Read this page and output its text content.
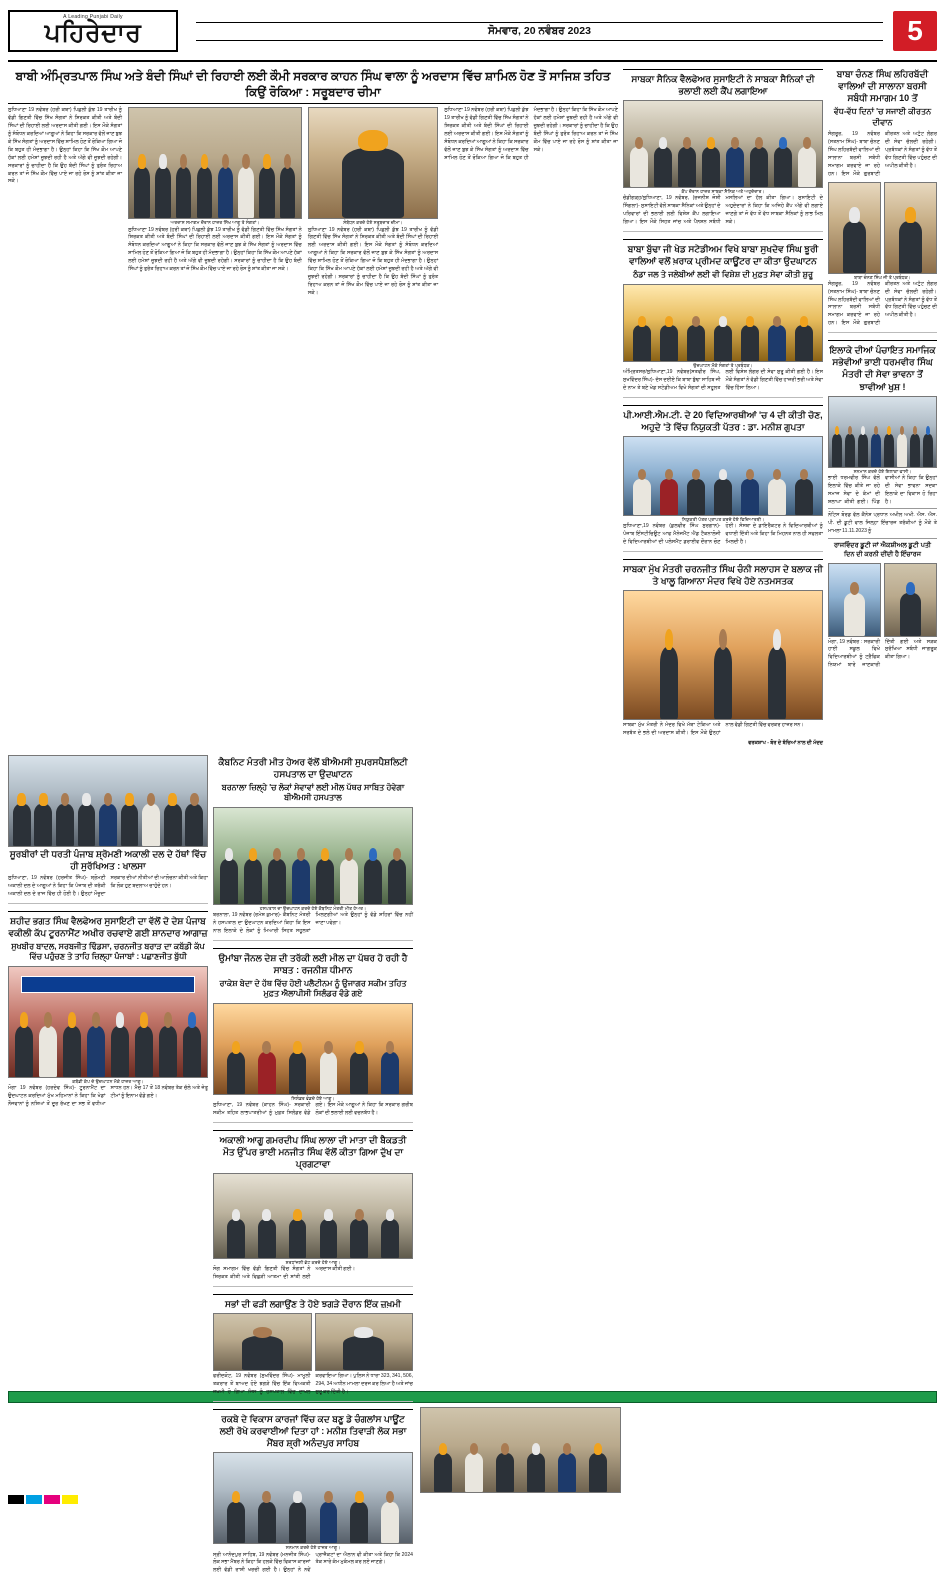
A Leading Punjabi Daily
ਪਹਿਰੇਦਾਰ	ਸੋਮਵਾਰ, 20 ਨਵੰਬਰ 2023	5
ਸਾਬਕਾ ਸੈਨਿਕ ਵੈਲਫੇਅਰ ਸੁਸਾਇਟੀ ਨੇ ਸਾਬਕਾ ਸੈਨਿਕਾਂ ਦੀ ਭਲਾਈ ਲਈ ਕੈਂਪ ਲਗਾਇਆ
ਕੈਂਪ ਦੌਰਾਨ ਹਾਜ਼ਰ ਸਾਬਕਾ ਸੈਨਿਕ ਅਤੇ ਅਹੁਦੇਦਾਰ।
ਚੰਡੀਗੜ੍ਹ/ਲੁਧਿਆਣਾ, 19 ਨਵੰਬਰ, (ਰਜਨੀਸ਼ ਜੋਸ਼ੀ ਸਿੰਗਲਾ)- ਸੁਸਾਇਟੀ ਵੱਲੋਂ ਸਾਬਕਾ ਸੈਨਿਕਾਂ ਅਤੇ ਉਨ੍ਹਾਂ ਦੇ ਪਰਿਵਾਰਾਂ ਦੀ ਭਲਾਈ ਲਈ ਵਿਸ਼ੇਸ਼ ਕੈਂਪ ਲਗਾਇਆ ਗਿਆ। ਇਸ ਮੌਕੇ ਸਿਹਤ ਜਾਂਚ ਅਤੇ ਪੈਨਸ਼ਨ ਸਬੰਧੀ ਮਸਲਿਆਂ ਦਾ ਹੱਲ ਕੀਤਾ ਗਿਆ। ਸੁਸਾਇਟੀ ਦੇ ਅਹੁਦੇਦਾਰਾਂ ਨੇ ਕਿਹਾ ਕਿ ਅਜਿਹੇ ਕੈਂਪ ਅੱਗੇ ਵੀ ਲਗਾਏ ਜਾਣਗੇ ਤਾਂ ਜੋ ਵੱਧ ਤੋਂ ਵੱਧ ਸਾਬਕਾ ਸੈਨਿਕਾਂ ਨੂੰ ਲਾਭ ਮਿਲ ਸਕੇ।
ਬਾਬਾ ਬੁੱਢਾ ਜੀ ਖੇਡ ਸਟੇਡੀਅਮ ਵਿਖੇ ਬਾਬਾ ਸੁਖਦੇਵ ਸਿੰਘ ਝੂਰੀ ਵਾਲਿਆਂ ਵਲੋਂ ਖ਼ਰਾਕ ਪ੍ਰੀਮਦ ਕਾਊਂਟਰ ਦਾ ਕੀਤਾ ਉਦਘਾਟਨ
ਠੰਡਾ ਜਲ ਤੇ ਜਲੇਬੀਆਂ ਲਈ ਵੀ ਵਿਸ਼ੇਸ਼ ਦੀ ਮੁਫ਼ਤ ਸੇਵਾ ਕੀਤੀ ਸ਼ੁਰੂ
ਉਦਘਾਟਨ ਮੌਕੇ ਸੰਗਤਾਂ ਤੇ ਪ੍ਰਬੰਧਕ।
ਅੰਮ੍ਰਿਤਸਰ/ਲੁਧਿਆਣਾ,19 ਨਵੰਬਰ(ਸਤਵੀਰ ਸਿੰਘ, ਸੁਖਵਿੰਦਰ ਸਿੰਘ)- ਦੱਸ ਦਈਏ ਕਿ ਬਾਬਾ ਬੁੱਢਾ ਸਾਹਿਬ ਜੀ ਦੇ ਨਾਮ ਤੇ ਬਣੇ ਖੇਡ ਸਟੇਡੀਅਮ ਵਿਖੇ ਸੰਗਤਾਂ ਦੀ ਸਹੂਲਤ ਲਈ ਵਿਸ਼ੇਸ਼ ਲੰਗਰ ਦੀ ਸੇਵਾ ਸ਼ੁਰੂ ਕੀਤੀ ਗਈ ਹੈ। ਇਸ ਮੌਕੇ ਸੰਗਤਾਂ ਨੇ ਵੱਡੀ ਗਿਣਤੀ ਵਿੱਚ ਹਾਜ਼ਰੀ ਭਰੀ ਅਤੇ ਸੇਵਾ ਵਿੱਚ ਹਿੱਸਾ ਲਿਆ।
ਪੀ.ਆਈ.ਐਮ.ਟੀ. ਦੇ 20 ਵਿਦਿਆਰਥੀਆਂ 'ਚ 4 ਦੀ ਕੀਤੀ ਚੋਣ, ਅਹੁਦੇ 'ਤੇ ਵਿੱਚ ਨਿਯੁਕਤੀ ਪੱਤਰ : ਡਾ. ਮਨੀਸ਼ ਗੁਪਤਾ
ਨਿਯੁਕਤੀ ਪੱਤਰ ਪ੍ਰਾਪਤ ਕਰਦੇ ਹੋਏ ਵਿਦਿਆਰਥੀ।
ਲੁਧਿਆਣਾ,19 ਨਵੰਬਰ (ਕੁਲਵੀਰ ਸਿੰਘ ਸੁਰਗਾਨ)- ਪੰਜਾਬ ਇੰਸਟੀਚਿਊਟ ਆਫ ਮੈਨੇਜਮੈਂਟ ਐਂਡ ਟੈਕਨਾਲੋਜੀ ਦੇ ਵਿਦਿਆਰਥੀਆਂ ਦੀ ਪਲੇਸਮੈਂਟ ਡਰਾਈਵ ਦੌਰਾਨ ਚੋਣ ਹੋਈ। ਸੰਸਥਾ ਦੇ ਡਾਇਰੈਕਟਰ ਨੇ ਵਿਦਿਆਰਥੀਆਂ ਨੂੰ ਵਧਾਈ ਦਿੱਤੀ ਅਤੇ ਕਿਹਾ ਕਿ ਮਿਹਨਤ ਨਾਲ ਹੀ ਸਫਲਤਾ ਮਿਲਦੀ ਹੈ।
ਸਾਬਕਾ ਮੁੱਖ ਮੰਤਰੀ ਚਰਨਜੀਤ ਸਿੰਘ ਚੰਨੀ ਸਲਾਹਸ ਦੇ ਬਲਾਕ ਜੀ ਤੇ ਖਾਲੂ ਗਿਆਨਾ ਮੰਦਰ ਵਿਖੇ ਹੋਏ ਨਤਮਸਤਕ
ਸਾਬਕਾ ਮੁੱਖ ਮੰਤਰੀ ਨੇ ਮੰਦਰ ਵਿਖੇ ਮੱਥਾ ਟੇਕਿਆ ਅਤੇ ਸਰਬੱਤ ਦੇ ਭਲੇ ਦੀ ਅਰਦਾਸ ਕੀਤੀ। ਇਸ ਮੌਕੇ ਉਨ੍ਹਾਂ ਨਾਲ ਵੱਡੀ ਗਿਣਤੀ ਵਿੱਚ ਵਰਕਰ ਹਾਜ਼ਰ ਸਨ।
ਵਰਕਸ਼ਾਪ - ਬੋਰ ਦੇ ਬੱਚਿਆਂ ਨਾਲ ਦੀ ਮੱਦਦ
ਬਾਬਾ ਚੰਨਣ ਸਿੰਘ ਲਹਿਰਬੱਦੀ ਵਾਲਿਆਂ ਦੀ ਸਾਲਾਨਾ ਬਰਸੀ ਸਬੰਧੀ ਸਮਾਗਮ 10 ਤੋਂ
ਵੱਧ-ਵੱਧ ਦਿਨਾਂ 'ਚ ਸਜਾਈ ਕੀਰਤਨ ਦੀਵਾਨ
ਸੰਗਰੂਰ, 19 ਨਵੰਬਰ (ਸਤਨਾਮ ਸਿੰਘ)- ਬਾਬਾ ਚੰਨਣ ਸਿੰਘ ਲਹਿਰਬੱਦੀ ਵਾਲਿਆਂ ਦੀ ਸਾਲਾਨਾ ਬਰਸੀ ਸਬੰਧੀ ਸਮਾਗਮ ਕਰਵਾਏ ਜਾ ਰਹੇ ਹਨ। ਇਸ ਮੌਕੇ ਗੁਰਬਾਣੀ ਕੀਰਤਨ ਅਤੇ ਅਟੁੱਟ ਲੰਗਰ ਦੀ ਸੇਵਾ ਚੱਲਦੀ ਰਹੇਗੀ। ਪ੍ਰਬੰਧਕਾਂ ਨੇ ਸੰਗਤਾਂ ਨੂੰ ਵੱਧ ਤੋਂ ਵੱਧ ਗਿਣਤੀ ਵਿੱਚ ਪਹੁੰਚਣ ਦੀ ਅਪੀਲ ਕੀਤੀ ਹੈ।
ਬਾਬਾ ਚੰਨਣ ਸਿੰਘ ਜੀ ਤੇ ਪ੍ਰਬੰਧਕ।
ਸੰਗਰੂਰ, 19 ਨਵੰਬਰ (ਸਤਨਾਮ ਸਿੰਘ)- ਬਾਬਾ ਚੰਨਣ ਸਿੰਘ ਲਹਿਰਬੱਦੀ ਵਾਲਿਆਂ ਦੀ ਸਾਲਾਨਾ ਬਰਸੀ ਸਬੰਧੀ ਸਮਾਗਮ ਕਰਵਾਏ ਜਾ ਰਹੇ ਹਨ। ਇਸ ਮੌਕੇ ਗੁਰਬਾਣੀ ਕੀਰਤਨ ਅਤੇ ਅਟੁੱਟ ਲੰਗਰ ਦੀ ਸੇਵਾ ਚੱਲਦੀ ਰਹੇਗੀ। ਪ੍ਰਬੰਧਕਾਂ ਨੇ ਸੰਗਤਾਂ ਨੂੰ ਵੱਧ ਤੋਂ ਵੱਧ ਗਿਣਤੀ ਵਿੱਚ ਪਹੁੰਚਣ ਦੀ ਅਪੀਲ ਕੀਤੀ ਹੈ।
ਇਲਾਕੇ ਦੀਆਂ ਪੰਚਾਇਤ ਸਮਾਜਿਕ ਸਭੇਵੀਆਂ ਭਾਈ ਧਰਮਵੀਰ ਸਿੰਘ ਮੰਤਰੀ ਦੀ ਸੇਵਾ ਭਾਵਨਾ ਤੋਂ ਝਾਵੀਆਂ ਖੁਸ਼ !
ਸਨਮਾਨ ਕਰਦੇ ਹੋਏ ਇਲਾਕਾ ਵਾਸੀ।
ਭਾਈ ਧਰਮਵੀਰ ਸਿੰਘ ਵੱਲੋਂ ਇਲਾਕੇ ਵਿੱਚ ਕੀਤੇ ਜਾ ਰਹੇ ਸਮਾਜ ਸੇਵਾ ਦੇ ਕੰਮਾਂ ਦੀ ਸ਼ਲਾਘਾ ਕੀਤੀ ਗਈ। ਪਿੰਡ ਵਾਸੀਆਂ ਨੇ ਕਿਹਾ ਕਿ ਉਨ੍ਹਾਂ ਦੀ ਸੇਵਾ ਭਾਵਨਾ ਸਦਕਾ ਇਲਾਕੇ ਦਾ ਵਿਕਾਸ ਹੋ ਰਿਹਾ ਹੈ।
ਨੋਟਿਸ ਬੋਰਡ ਵੱਲ ਕੈਨੇਸ਼ ਪ੍ਰਧਾਨ ਅਖੀਲ ਅਖੀ. ਐਸ. ਐਸ. ਪੀ. ਦੀ ਡੂਟੀ ਵਾਲ ਜਿਲ੍ਹਾ ਇੰਚਾਰਜ ਤਰੱਕੀਆਂ ਨੂੰ ਮੌਕੇ ਤੇ ਮਾਮਲਾ 11.11.2023 ਨੂੰ
ਰਾਜਵਿੰਦਰ ਡੂਟੀ ਜਾਂ ਐਕਸ਼ੀਅਲ ਡੂਟੀ ਪਤੀ ਦਿਨ ਦੀ ਕਰਨੀ ਦੀਂਦੀ ਹੈ ਇੰਚਾਰਜ
ਮੋਗਾ, 19 ਨਵੰਬਰ : ਸਰਕਾਰੀ ਹਾਈ ਸਕੂਲ ਵਿਖੇ ਵਿਦਿਆਰਥੀਆਂ ਨੂੰ ਟ੍ਰੈਫਿਕ ਨਿਯਮਾਂ ਬਾਰੇ ਜਾਣਕਾਰੀ ਦਿੱਤੀ ਗਈ ਅਤੇ ਸੜਕ ਸੁਰੱਖਿਆ ਸਬੰਧੀ ਜਾਗਰੂਕ ਕੀਤਾ ਗਿਆ।
ਸੂਰਬੀਰਾਂ ਦੀ ਧਰਤੀ ਪੰਜਾਬ ਸ਼੍ਰੋਮਣੀ ਅਕਾਲੀ ਦਲ ਦੇ ਹੱਥਾਂ ਵਿੱਚ ਹੀ ਸੁਰੱਖਿਅਤ : ਖਾਲਸਾ
ਲੁਧਿਆਣਾ, 19 ਨਵੰਬਰ (ਹਰਜੀਤ ਸਿੰਘ)- ਸ਼੍ਰੋਮਣੀ ਅਕਾਲੀ ਦਲ ਦੇ ਆਗੂਆਂ ਨੇ ਕਿਹਾ ਕਿ ਪੰਜਾਬ ਦੀ ਤਰੱਕੀ ਅਕਾਲੀ ਦਲ ਦੇ ਰਾਜ ਵਿੱਚ ਹੀ ਹੋਈ ਹੈ। ਉਨ੍ਹਾਂ ਮੌਜੂਦਾ ਸਰਕਾਰ ਦੀਆਂ ਨੀਤੀਆਂ ਦੀ ਆਲੋਚਨਾ ਕੀਤੀ ਅਤੇ ਕਿਹਾ ਕਿ ਲੋਕ ਹੁਣ ਬਦਲਾਅ ਚਾਹੁੰਦੇ ਹਨ।
ਸ਼ਹੀਦ ਭਗਤ ਸਿੰਘ ਵੈਲਫੇਅਰ ਸੁਸਾਇਟੀ ਦਾ ਵੱਲੋਂ ਦੋ ਦੇਸ਼ ਪੰਜਾਬ ਵਕੀਲੀ ਕੱਪ ਟੂਰਨਾਮੈਂਟ ਅਖੀਰ ਰਚਵਾਏ ਗਈ ਸ਼ਾਨਦਾਰ ਆਗਾਜ਼
ਸੁਖਬੀਰ ਬਾਦਲ, ਸਰਬਜੀਤ ਢਿੰਡਸਾ, ਚਰਨਜੀਤ ਬਰਾੜ ਦਾ ਕਬੱਡੀ ਕੱਪ ਵਿੱਚ ਪਹੁੰਚਣ ਤੇ ਤਾਹਿ ਜ਼ਿਲ੍ਹਾ ਪੰਜਾਬਾਂ : ਪਛਾਣਜੀਤ ਬੁੱਧੀ
ਕਬੱਡੀ ਕੱਪ ਦੇ ਉਦਘਾਟਨ ਮੌਕੇ ਹਾਜ਼ਰ ਆਗੂ।
ਮੋਗਾ 19 ਨਵੰਬਰ (ਹਰਦੇਵ ਸਿੰਘ)- ਟੂਰਨਾਮੈਂਟ ਦਾ ਉਦਘਾਟਨ ਕਰਦਿਆਂ ਮੁੱਖ ਮਹਿਮਾਨਾਂ ਨੇ ਕਿਹਾ ਕਿ ਖੇਡਾਂ ਨੌਜਵਾਨਾਂ ਨੂੰ ਨਸ਼ਿਆਂ ਤੋਂ ਦੂਰ ਰੱਖਣ ਦਾ ਸਭ ਤੋਂ ਵਧੀਆ ਸਾਧਨ ਹਨ। ਮੈਚ 17 ਤੋਂ 18 ਨਵੰਬਰ ਤੱਕ ਚੱਲੇ ਅਤੇ ਜੇਤੂ ਟੀਮਾਂ ਨੂੰ ਇਨਾਮ ਵੰਡੇ ਗਏ।
ਕੈਬਨਿਟ ਮੰਤਰੀ ਮੀਤ ਹੇਅਰ ਵੱਲੋਂ ਬੀਐਮਸੀ ਸੁਪਰਸਪੈਸ਼ਲਿਟੀ ਹਸਪਤਾਲ ਦਾ ਉਦਘਾਟਨ
ਬਰਨਾਲਾ ਜ਼ਿਲ੍ਹੇ 'ਚ ਲੋਕਾਂ ਸੇਵਾਵਾਂ ਲਈ ਮੀਲ ਪੱਥਰ ਸਾਬਿਤ ਹੋਵੇਗਾ ਬੀਐਮਸੀ ਹਸਪਤਾਲ
ਹਸਪਤਾਲ ਦਾ ਉਦਘਾਟਨ ਕਰਦੇ ਹੋਏ ਕੈਬਨਿਟ ਮੰਤਰੀ ਮੀਤ ਹੇਅਰ।
ਬਰਨਾਲਾ, 19 ਨਵੰਬਰ (ਰਮੇਸ਼ ਕੁਮਾਰ)- ਕੈਬਨਿਟ ਮੰਤਰੀ ਨੇ ਹਸਪਤਾਲ ਦਾ ਉਦਘਾਟਨ ਕਰਦਿਆਂ ਕਿਹਾ ਕਿ ਇਸ ਨਾਲ ਇਲਾਕੇ ਦੇ ਲੋਕਾਂ ਨੂੰ ਮਿਆਰੀ ਸਿਹਤ ਸਹੂਲਤਾਂ ਮਿਲਣਗੀਆਂ ਅਤੇ ਉਨ੍ਹਾਂ ਨੂੰ ਵੱਡੇ ਸ਼ਹਿਰਾਂ ਵਿੱਚ ਨਹੀਂ ਜਾਣਾ ਪਵੇਗਾ।
ਉਮਾਂਬਾ ਜੌਨਲ ਦੇਸ਼ ਦੀ ਤਰੱਕੀ ਲਈ ਮੀਲ ਦਾ ਪੱਥਰ ਹੋ ਰਹੀ ਹੈ ਸਾਬਤ : ਰਜਨੀਸ਼ ਧੀਮਾਨ
ਰਾਕੇਸ਼ ਬੇਦਾ ਦੇ ਹੱਥ ਵਿੱਚ ਹੋਈ ਪਲੈਟੀਨਮ ਨੂੰ ਉਜਾਗਰ ਸਕੀਮ ਤਹਿਤ ਮੁਫ਼ਤ ਐਲਾਪੀਸੀ ਸਿਲੰਡਰ ਵੰਡੇ ਗਏ
ਸਿਲੰਡਰ ਵੰਡਦੇ ਹੋਏ ਆਗੂ।
ਲੁਧਿਆਣਾ, 19 ਨਵੰਬਰ (ਕਾਹਨ ਸਿੰਘ)- ਸਰਕਾਰੀ ਸਕੀਮ ਤਹਿਤ ਲਾਭਪਾਤਰੀਆਂ ਨੂੰ ਮੁਫ਼ਤ ਸਿਲੰਡਰ ਵੰਡੇ ਗਏ। ਇਸ ਮੌਕੇ ਆਗੂਆਂ ਨੇ ਕਿਹਾ ਕਿ ਸਰਕਾਰ ਗਰੀਬ ਲੋਕਾਂ ਦੀ ਭਲਾਈ ਲਈ ਵਚਨਬੱਧ ਹੈ।
ਅਕਾਲੀ ਆਗੂ ਗਮਰਦੀਪ ਸਿੰਘ ਲਾਲਾ ਦੀ ਮਾਤਾ ਦੀ ਬੈਕਡਤੀ ਮੌਤ ਉੱਪਰ ਭਾਈ ਮਨਜੀਤ ਸਿੰਘ ਵੱਲੋਂ ਕੀਤਾ ਗਿਆ ਦੁੱਖ ਦਾ ਪ੍ਰਗਟਾਵਾ
ਸ਼ਰਧਾਂਜਲੀ ਭੇਟ ਕਰਦੇ ਹੋਏ ਆਗੂ।
ਸੋਗ ਸਮਾਗਮ ਵਿੱਚ ਵੱਡੀ ਗਿਣਤੀ ਵਿੱਚ ਸੰਗਤਾਂ ਨੇ ਸ਼ਿਰਕਤ ਕੀਤੀ ਅਤੇ ਵਿਛੜੀ ਆਤਮਾ ਦੀ ਸ਼ਾਂਤੀ ਲਈ ਅਰਦਾਸ ਕੀਤੀ ਗਈ।
ਸਭਾਂ ਦੀ ਫੜੀ ਲਗਾਉਂਣ ਤੇ ਹੋਏ ਝਗੜੇ ਦੌਰਾਨ ਇੱਕ ਜ਼ਖ਼ਮੀ
ਫਰੀਦਕੋਟ, 19 ਨਵੰਬਰ (ਸੁਖਵਿੰਦਰ ਸਿੰਘ)- ਮਾਮੂਲੀ ਤਕਰਾਰ ਤੋਂ ਬਾਅਦ ਹੋਏ ਝਗੜੇ ਵਿੱਚ ਇੱਕ ਵਿਅਕਤੀ ਜ਼ਖ਼ਮੀ ਹੋ ਗਿਆ ਜਿਸ ਨੂੰ ਹਸਪਤਾਲ ਵਿੱਚ ਦਾਖਲ ਕਰਵਾਇਆ ਗਿਆ। ਪੁਲਿਸ ਨੇ ਧਾਰਾ 323, 341, 506, 294, 34 ਅਧੀਨ ਮਾਮਲਾ ਦਰਜ ਕਰ ਲਿਆ ਹੈ ਅਤੇ ਜਾਂਚ ਸ਼ੁਰੂ ਕਰ ਦਿੱਤੀ ਹੈ।
ਰਕਬੇ ਦੇ ਵਿਕਾਸ ਕਾਰਜਾਂ ਵਿੱਚ ਕਦ ਬਣੂ ਡੇ ਚੰਗਲਾਂਸ ਪਾਊਂਟ ਲਈ ਰੋਖੇ ਕਰਵਾਈਆਂ ਦਿਤਾ ਹਾਂ : ਮਨੀਸ਼ ਤਿਵਾੜੀ ਲੋਕ ਸਭਾ ਮੈਂਬਰ ਸ਼੍ਰੀ ਅਨੰਦਪੁਰ ਸਾਹਿਬ
ਸਨਮਾਨ ਕਰਦੇ ਹੋਏ ਹਾਜ਼ਰ ਆਗੂ।
ਸ੍ਰੀ ਆਨੰਦਪੁਰ ਸਾਹਿਬ, 19 ਨਵੰਬਰ (ਮਨਜੀਤ ਸਿੰਘ)- ਲੋਕ ਸਭਾ ਮੈਂਬਰ ਨੇ ਕਿਹਾ ਕਿ ਹਲਕੇ ਵਿੱਚ ਵਿਕਾਸ ਕਾਰਜਾਂ ਲਈ ਵੱਡੀ ਰਾਸ਼ੀ ਖਰਚੀ ਗਈ ਹੈ। ਉਨ੍ਹਾਂ ਨੇ ਨਵੇਂ ਪ੍ਰਾਜੈਕਟਾਂ ਦਾ ਐਲਾਨ ਵੀ ਕੀਤਾ ਅਤੇ ਕਿਹਾ ਕਿ 2024 ਤੱਕ ਸਾਰੇ ਕੰਮ ਮੁਕੰਮਲ ਕਰ ਲਏ ਜਾਣਗੇ।
ਬਾਬੀ ਅੰਮ੍ਰਿਤਪਾਲ ਸਿੰਘ ਅਤੇ ਬੰਦੀ ਸਿੰਘਾਂ ਦੀ ਰਿਹਾਈ ਲਈ ਕੌਮੀ ਸਰਕਾਰ ਕਾਹਨ ਸਿੰਘ ਵਾਲਾ ਨੂੰ ਅਰਦਾਸ ਵਿੱਚ ਸ਼ਾਮਿਲ ਹੋਣ ਤੋਂ ਸਾਜਿਸ਼ ਤਹਿਤ ਕਿਉਂ ਰੋਕਿਆ : ਸਰੂਬਦਾਰ ਚੀਮਾ
ਲੁਧਿਆਣਾ 19 ਨਵੰਬਰ (ਹਰੀ ਕਥਾ) ਪਿਛਲੀ ਕੁੱਝ 19 ਤਾਰੀਖ ਨੂੰ ਵੱਡੀ ਗਿਣਤੀ ਵਿੱਚ ਸਿੱਖ ਸੰਗਤਾਂ ਨੇ ਸ਼ਿਰਕਤ ਕੀਤੀ ਅਤੇ ਬੰਦੀ ਸਿੰਘਾਂ ਦੀ ਰਿਹਾਈ ਲਈ ਅਰਦਾਸ ਕੀਤੀ ਗਈ। ਇਸ ਮੌਕੇ ਸੰਗਤਾਂ ਨੂੰ ਸੰਬੋਧਨ ਕਰਦਿਆਂ ਆਗੂਆਂ ਨੇ ਕਿਹਾ ਕਿ ਸਰਕਾਰ ਵੱਲੋਂ ਜਾਣ ਬੁਝ ਕੇ ਸਿੱਖ ਸੰਗਤਾਂ ਨੂੰ ਅਰਦਾਸ ਵਿੱਚ ਸ਼ਾਮਿਲ ਹੋਣ ਤੋਂ ਰੋਕਿਆ ਗਿਆ ਜੋ ਕਿ ਬਹੁਤ ਹੀ ਮੰਦਭਾਗਾ ਹੈ। ਉਨ੍ਹਾਂ ਕਿਹਾ ਕਿ ਸਿੱਖ ਕੌਮ ਆਪਣੇ ਹੱਕਾਂ ਲਈ ਹਮੇਸ਼ਾਂ ਜੂਝਦੀ ਰਹੀ ਹੈ ਅਤੇ ਅੱਗੇ ਵੀ ਜੂਝਦੀ ਰਹੇਗੀ। ਸਰਕਾਰਾਂ ਨੂੰ ਚਾਹੀਦਾ ਹੈ ਕਿ ਉਹ ਬੰਦੀ ਸਿੰਘਾਂ ਨੂੰ ਤੁਰੰਤ ਰਿਹਾਅ ਕਰਨ ਤਾਂ ਜੋ ਸਿੱਖ ਕੌਮ ਵਿੱਚ ਪਾਏ ਜਾ ਰਹੇ ਰੋਸ ਨੂੰ ਸ਼ਾਂਤ ਕੀਤਾ ਜਾ ਸਕੇ।
ਅਰਦਾਸ ਸਮਾਗਮ ਦੌਰਾਨ ਹਾਜ਼ਰ ਸਿੱਖ ਆਗੂ ਤੇ ਸੰਗਤਾਂ।
ਲੁਧਿਆਣਾ 19 ਨਵੰਬਰ (ਹਰੀ ਕਥਾ) ਪਿਛਲੀ ਕੁੱਝ 19 ਤਾਰੀਖ ਨੂੰ ਵੱਡੀ ਗਿਣਤੀ ਵਿੱਚ ਸਿੱਖ ਸੰਗਤਾਂ ਨੇ ਸ਼ਿਰਕਤ ਕੀਤੀ ਅਤੇ ਬੰਦੀ ਸਿੰਘਾਂ ਦੀ ਰਿਹਾਈ ਲਈ ਅਰਦਾਸ ਕੀਤੀ ਗਈ। ਇਸ ਮੌਕੇ ਸੰਗਤਾਂ ਨੂੰ ਸੰਬੋਧਨ ਕਰਦਿਆਂ ਆਗੂਆਂ ਨੇ ਕਿਹਾ ਕਿ ਸਰਕਾਰ ਵੱਲੋਂ ਜਾਣ ਬੁਝ ਕੇ ਸਿੱਖ ਸੰਗਤਾਂ ਨੂੰ ਅਰਦਾਸ ਵਿੱਚ ਸ਼ਾਮਿਲ ਹੋਣ ਤੋਂ ਰੋਕਿਆ ਗਿਆ ਜੋ ਕਿ ਬਹੁਤ ਹੀ ਮੰਦਭਾਗਾ ਹੈ। ਉਨ੍ਹਾਂ ਕਿਹਾ ਕਿ ਸਿੱਖ ਕੌਮ ਆਪਣੇ ਹੱਕਾਂ ਲਈ ਹਮੇਸ਼ਾਂ ਜੂਝਦੀ ਰਹੀ ਹੈ ਅਤੇ ਅੱਗੇ ਵੀ ਜੂਝਦੀ ਰਹੇਗੀ। ਸਰਕਾਰਾਂ ਨੂੰ ਚਾਹੀਦਾ ਹੈ ਕਿ ਉਹ ਬੰਦੀ ਸਿੰਘਾਂ ਨੂੰ ਤੁਰੰਤ ਰਿਹਾਅ ਕਰਨ ਤਾਂ ਜੋ ਸਿੱਖ ਕੌਮ ਵਿੱਚ ਪਾਏ ਜਾ ਰਹੇ ਰੋਸ ਨੂੰ ਸ਼ਾਂਤ ਕੀਤਾ ਜਾ ਸਕੇ।
ਸੰਬੋਧਨ ਕਰਦੇ ਹੋਏ ਸਰੂਬਦਾਰ ਚੀਮਾ।
ਲੁਧਿਆਣਾ 19 ਨਵੰਬਰ (ਹਰੀ ਕਥਾ) ਪਿਛਲੀ ਕੁੱਝ 19 ਤਾਰੀਖ ਨੂੰ ਵੱਡੀ ਗਿਣਤੀ ਵਿੱਚ ਸਿੱਖ ਸੰਗਤਾਂ ਨੇ ਸ਼ਿਰਕਤ ਕੀਤੀ ਅਤੇ ਬੰਦੀ ਸਿੰਘਾਂ ਦੀ ਰਿਹਾਈ ਲਈ ਅਰਦਾਸ ਕੀਤੀ ਗਈ। ਇਸ ਮੌਕੇ ਸੰਗਤਾਂ ਨੂੰ ਸੰਬੋਧਨ ਕਰਦਿਆਂ ਆਗੂਆਂ ਨੇ ਕਿਹਾ ਕਿ ਸਰਕਾਰ ਵੱਲੋਂ ਜਾਣ ਬੁਝ ਕੇ ਸਿੱਖ ਸੰਗਤਾਂ ਨੂੰ ਅਰਦਾਸ ਵਿੱਚ ਸ਼ਾਮਿਲ ਹੋਣ ਤੋਂ ਰੋਕਿਆ ਗਿਆ ਜੋ ਕਿ ਬਹੁਤ ਹੀ ਮੰਦਭਾਗਾ ਹੈ। ਉਨ੍ਹਾਂ ਕਿਹਾ ਕਿ ਸਿੱਖ ਕੌਮ ਆਪਣੇ ਹੱਕਾਂ ਲਈ ਹਮੇਸ਼ਾਂ ਜੂਝਦੀ ਰਹੀ ਹੈ ਅਤੇ ਅੱਗੇ ਵੀ ਜੂਝਦੀ ਰਹੇਗੀ। ਸਰਕਾਰਾਂ ਨੂੰ ਚਾਹੀਦਾ ਹੈ ਕਿ ਉਹ ਬੰਦੀ ਸਿੰਘਾਂ ਨੂੰ ਤੁਰੰਤ ਰਿਹਾਅ ਕਰਨ ਤਾਂ ਜੋ ਸਿੱਖ ਕੌਮ ਵਿੱਚ ਪਾਏ ਜਾ ਰਹੇ ਰੋਸ ਨੂੰ ਸ਼ਾਂਤ ਕੀਤਾ ਜਾ ਸਕੇ।
ਲੁਧਿਆਣਾ 19 ਨਵੰਬਰ (ਹਰੀ ਕਥਾ) ਪਿਛਲੀ ਕੁੱਝ 19 ਤਾਰੀਖ ਨੂੰ ਵੱਡੀ ਗਿਣਤੀ ਵਿੱਚ ਸਿੱਖ ਸੰਗਤਾਂ ਨੇ ਸ਼ਿਰਕਤ ਕੀਤੀ ਅਤੇ ਬੰਦੀ ਸਿੰਘਾਂ ਦੀ ਰਿਹਾਈ ਲਈ ਅਰਦਾਸ ਕੀਤੀ ਗਈ। ਇਸ ਮੌਕੇ ਸੰਗਤਾਂ ਨੂੰ ਸੰਬੋਧਨ ਕਰਦਿਆਂ ਆਗੂਆਂ ਨੇ ਕਿਹਾ ਕਿ ਸਰਕਾਰ ਵੱਲੋਂ ਜਾਣ ਬੁਝ ਕੇ ਸਿੱਖ ਸੰਗਤਾਂ ਨੂੰ ਅਰਦਾਸ ਵਿੱਚ ਸ਼ਾਮਿਲ ਹੋਣ ਤੋਂ ਰੋਕਿਆ ਗਿਆ ਜੋ ਕਿ ਬਹੁਤ ਹੀ ਮੰਦਭਾਗਾ ਹੈ। ਉਨ੍ਹਾਂ ਕਿਹਾ ਕਿ ਸਿੱਖ ਕੌਮ ਆਪਣੇ ਹੱਕਾਂ ਲਈ ਹਮੇਸ਼ਾਂ ਜੂਝਦੀ ਰਹੀ ਹੈ ਅਤੇ ਅੱਗੇ ਵੀ ਜੂਝਦੀ ਰਹੇਗੀ। ਸਰਕਾਰਾਂ ਨੂੰ ਚਾਹੀਦਾ ਹੈ ਕਿ ਉਹ ਬੰਦੀ ਸਿੰਘਾਂ ਨੂੰ ਤੁਰੰਤ ਰਿਹਾਅ ਕਰਨ ਤਾਂ ਜੋ ਸਿੱਖ ਕੌਮ ਵਿੱਚ ਪਾਏ ਜਾ ਰਹੇ ਰੋਸ ਨੂੰ ਸ਼ਾਂਤ ਕੀਤਾ ਜਾ ਸਕੇ।
